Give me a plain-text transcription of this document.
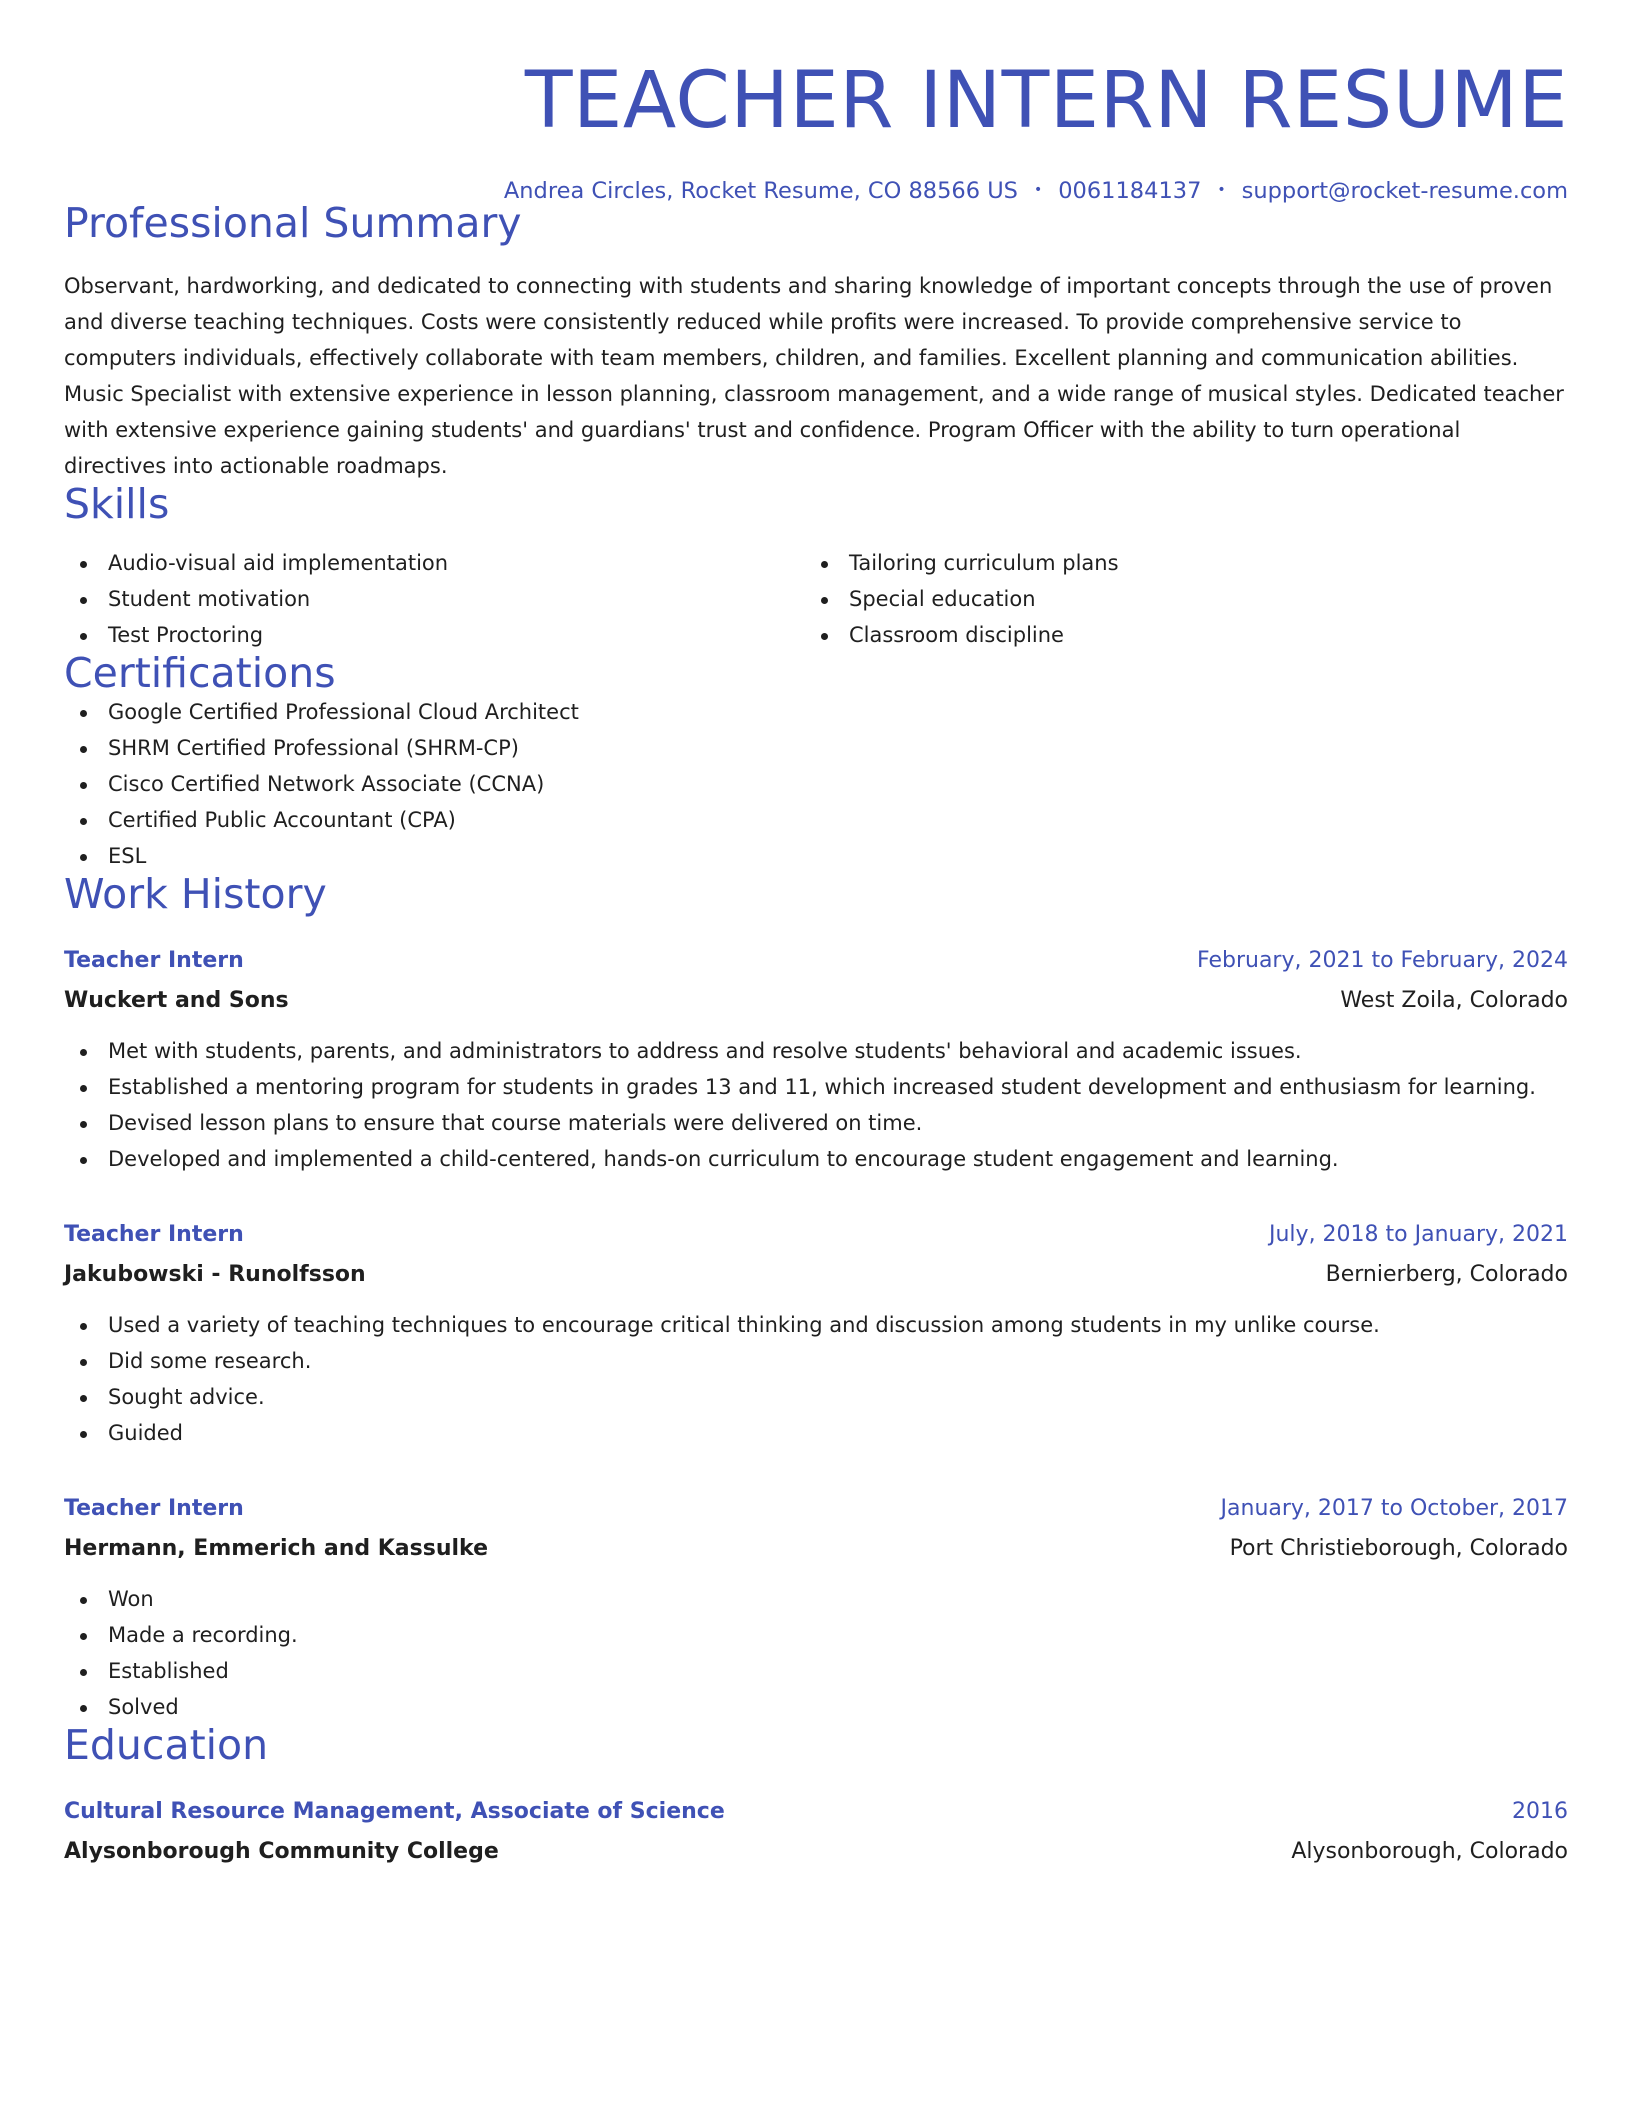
TEACHER INTERN RESUME
Andrea Circles, Rocket Resume, CO 88566 US • 0061184137 • support@rocket-resume.com
Professional Summary

Observant, hardworking, and dedicated to connecting with students and sharing knowledge of important concepts through the use of proven and diverse teaching techniques. Costs were consistently reduced while profits were increased. To provide comprehensive service to computers individuals, effectively collaborate with team members, children, and families. Excellent planning and communication abilities. Music Specialist with extensive experience in lesson planning, classroom management, and a wide range of musical styles. Dedicated teacher with extensive experience gaining students' and guardians' trust and confidence. Program Officer with the ability to turn operational directives into actionable roadmaps.

Skills
Audio-visual aid implementation
Student motivation
Test Proctoring
Tailoring curriculum plans
Special education
Classroom discipline
Certifications
Google Certified Professional Cloud Architect
SHRM Certified Professional (SHRM-CP)
Cisco Certified Network Associate (CCNA)
Certified Public Accountant (CPA)
ESL
Work History
Teacher Intern	February, 2021 to February, 2024
Wuckert and Sons	West Zoila, Colorado
Met with students, parents, and administrators to address and resolve students' behavioral and academic issues.
Established a mentoring program for students in grades 13 and 11, which increased student development and enthusiasm for learning.
Devised lesson plans to ensure that course materials were delivered on time.
Developed and implemented a child-centered, hands-on curriculum to encourage student engagement and learning.
Teacher Intern	July, 2018 to January, 2021
Jakubowski - Runolfsson	Bernierberg, Colorado
Used a variety of teaching techniques to encourage critical thinking and discussion among students in my unlike course.
Did some research.
Sought advice.
Guided
Teacher Intern	January, 2017 to October, 2017
Hermann, Emmerich and Kassulke	Port Christieborough, Colorado
Won
Made a recording.
Established
Solved
Education
Cultural Resource Management, Associate of Science	2016
Alysonborough Community College	Alysonborough, Colorado
